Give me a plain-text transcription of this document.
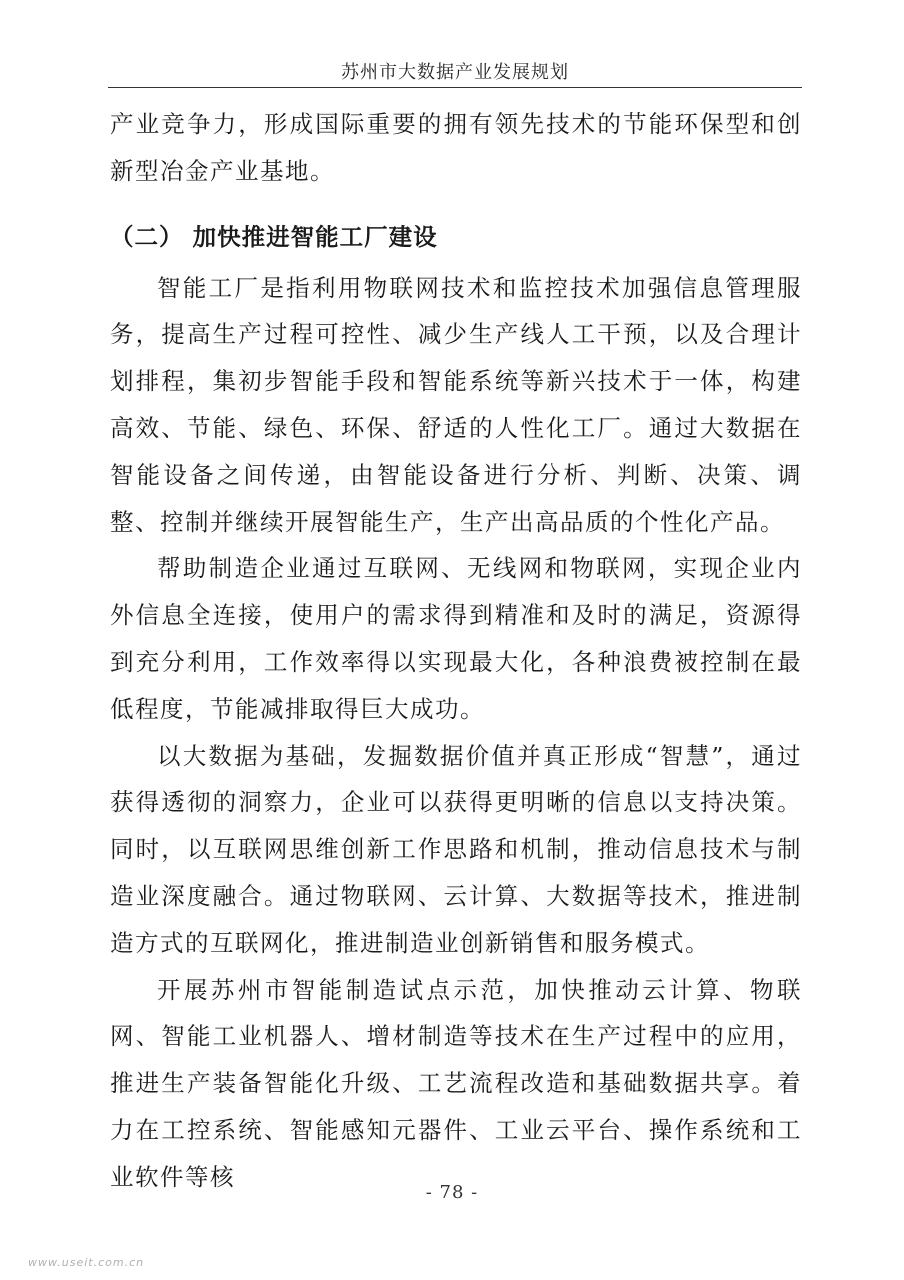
苏州市大数据产业发展规划

产业竞争力，形成国际重要的拥有领先技术的节能环保型和创新型冶金产业基地。

（二） 加快推进智能工厂建设

智能工厂是指利用物联网技术和监控技术加强信息管理服务，提高生产过程可控性、减少生产线人工干预，以及合理计划排程，集初步智能手段和智能系统等新兴技术于一体，构建高效、节能、绿色、环保、舒适的人性化工厂。通过大数据在智能设备之间传递，由智能设备进行分析、判断、决策、调整、控制并继续开展智能生产，生产出高品质的个性化产品。

帮助制造企业通过互联网、无线网和物联网，实现企业内外信息全连接，使用户的需求得到精准和及时的满足，资源得到充分利用，工作效率得以实现最大化，各种浪费被控制在最低程度，节能减排取得巨大成功。

以大数据为基础，发掘数据价值并真正形成“智慧”，通过获得透彻的洞察力，企业可以获得更明晰的信息以支持决策。同时，以互联网思维创新工作思路和机制，推动信息技术与制造业深度融合。通过物联网、云计算、大数据等技术，推进制造方式的互联网化，推进制造业创新销售和服务模式。

开展苏州市智能制造试点示范，加快推动云计算、物联网、智能工业机器人、增材制造等技术在生产过程中的应用，推进生产装备智能化升级、工艺流程改造和基础数据共享。着力在工控系统、智能感知元器件、工业云平台、操作系统和工业软件等核

- 78 -
www.useit.com.cn
